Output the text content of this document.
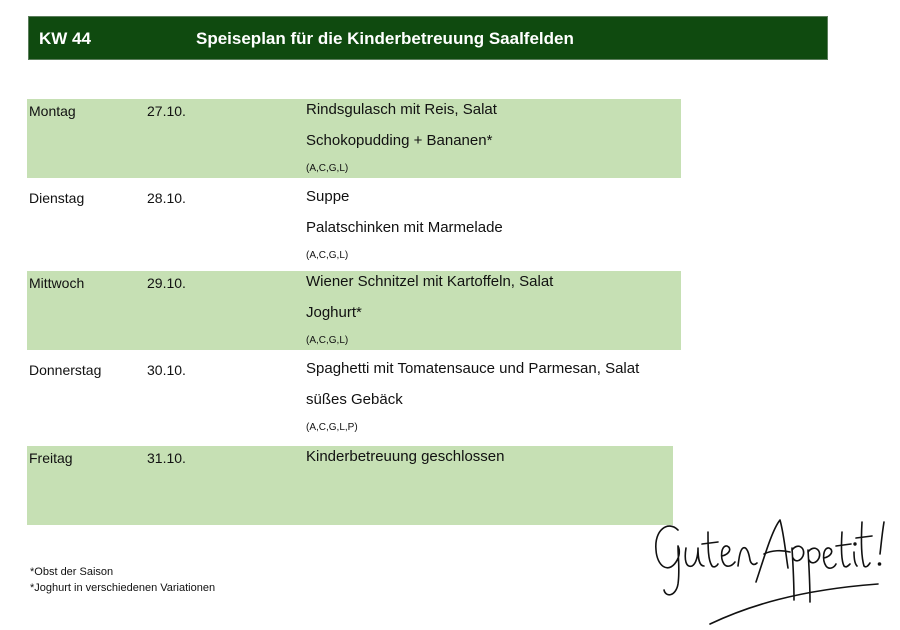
KW 44	Speiseplan für die Kinderbetreuung Saalfelden
Montag	27.10.	Rindsgulasch mit Reis, Salat
Schokopudding + Bananen*
(A,C,G,L)
Dienstag	28.10.	Suppe
Palatschinken mit Marmelade
(A,C,G,L)
Mittwoch	29.10.	Wiener Schnitzel mit Kartoffeln, Salat
Joghurt*
(A,C,G,L)
Donnerstag	30.10.	Spaghetti mit Tomatensauce und Parmesan, Salat
süßes Gebäck
(A,C,G,L,P)
Freitag	31.10.	Kinderbetreuung geschlossen
*Obst der Saison
*Joghurt in verschiedenen Variationen
